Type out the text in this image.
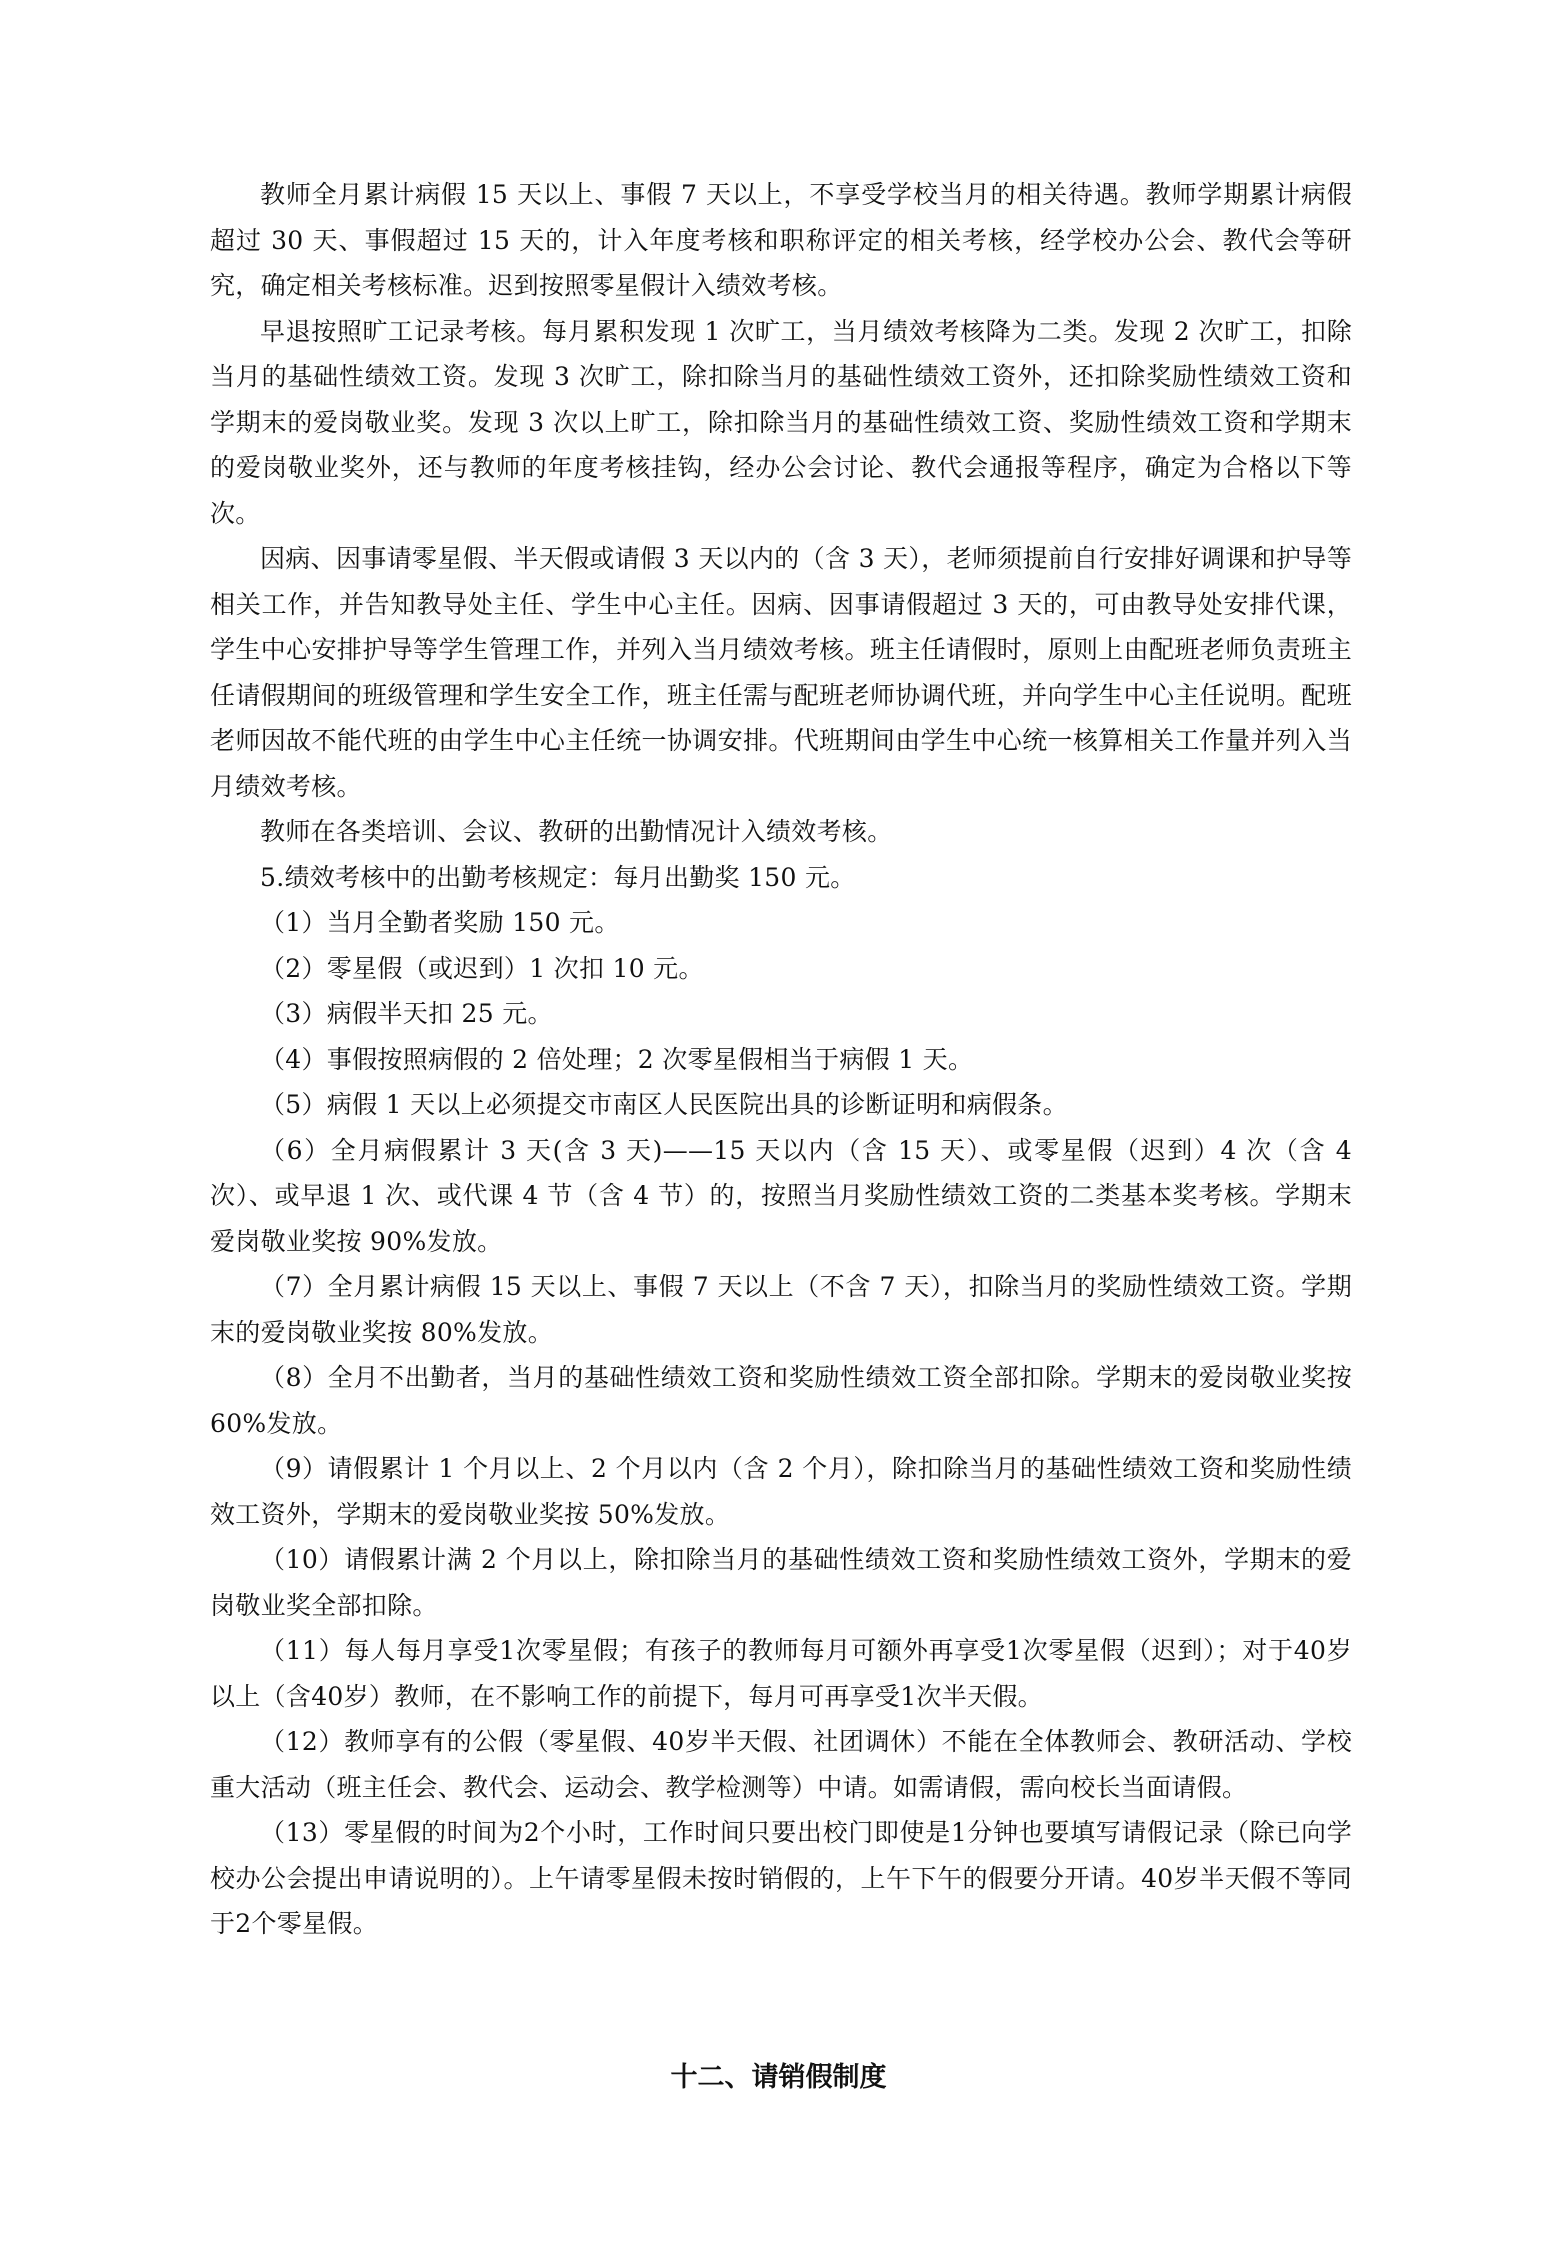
教师全月累计病假 15 天以上、事假 7 天以上，不享受学校当月的相关待遇。教师学期累计病假超过 30 天、事假超过 15 天的，计入年度考核和职称评定的相关考核，经学校办公会、教代会等研究，确定相关考核标准。迟到按照零星假计入绩效考核。

早退按照旷工记录考核。每月累积发现 1 次旷工，当月绩效考核降为二类。发现 2 次旷工，扣除当月的基础性绩效工资。发现 3 次旷工，除扣除当月的基础性绩效工资外，还扣除奖励性绩效工资和学期末的爱岗敬业奖。发现 3 次以上旷工，除扣除当月的基础性绩效工资、奖励性绩效工资和学期末的爱岗敬业奖外，还与教师的年度考核挂钩，经办公会讨论、教代会通报等程序，确定为合格以下等次。

因病、因事请零星假、半天假或请假 3 天以内的（含 3 天），老师须提前自行安排好调课和护导等相关工作，并告知教导处主任、学生中心主任。因病、因事请假超过 3 天的，可由教导处安排代课，学生中心安排护导等学生管理工作，并列入当月绩效考核。班主任请假时，原则上由配班老师负责班主任请假期间的班级管理和学生安全工作，班主任需与配班老师协调代班，并向学生中心主任说明。配班老师因故不能代班的由学生中心主任统一协调安排。代班期间由学生中心统一核算相关工作量并列入当月绩效考核。

教师在各类培训、会议、教研的出勤情况计入绩效考核。

5.绩效考核中的出勤考核规定：每月出勤奖 150 元。

（1）当月全勤者奖励 150 元。

（2）零星假（或迟到）1 次扣 10 元。

（3）病假半天扣 25 元。

（4）事假按照病假的 2 倍处理；2 次零星假相当于病假 1 天。

（5）病假 1 天以上必须提交市南区人民医院出具的诊断证明和病假条。

（6）全月病假累计 3 天(含 3 天)——15 天以内（含 15 天）、或零星假（迟到）4 次（含 4 次）、或早退 1 次、或代课 4 节（含 4 节）的，按照当月奖励性绩效工资的二类基本奖考核。学期末爱岗敬业奖按 90%发放。

（7）全月累计病假 15 天以上、事假 7 天以上（不含 7 天），扣除当月的奖励性绩效工资。学期末的爱岗敬业奖按 80%发放。

（8）全月不出勤者，当月的基础性绩效工资和奖励性绩效工资全部扣除。学期末的爱岗敬业奖按 60%发放。

（9）请假累计 1 个月以上、2 个月以内（含 2 个月），除扣除当月的基础性绩效工资和奖励性绩效工资外，学期末的爱岗敬业奖按 50%发放。

（10）请假累计满 2 个月以上，除扣除当月的基础性绩效工资和奖励性绩效工资外，学期末的爱岗敬业奖全部扣除。

（11）每人每月享受1次零星假；有孩子的教师每月可额外再享受1次零星假（迟到）；对于40岁以上（含40岁）教师，在不影响工作的前提下，每月可再享受1次半天假。

（12）教师享有的公假（零星假、40岁半天假、社团调休）不能在全体教师会、教研活动、学校重大活动（班主任会、教代会、运动会、教学检测等）中请。如需请假，需向校长当面请假。

（13）零星假的时间为2个小时，工作时间只要出校门即使是1分钟也要填写请假记录（除已向学校办公会提出申请说明的）。上午请零星假未按时销假的，上午下午的假要分开请。40岁半天假不等同于2个零星假。

十二、请销假制度
